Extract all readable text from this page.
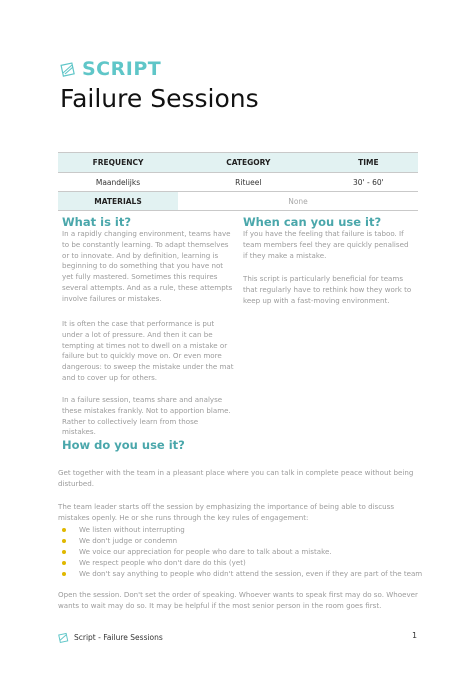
SCRIPT
Failure Sessions
FREQUENCY	CATEGORY	TIME
Maandelijks	Ritueel	30' - 60'
MATERIALS	None	
What is it?

In a rapidly changing environment, teams have to be constantly learning. To adapt themselves or to innovate. And by definition, learning is beginning to do something that you have not yet fully mastered. Sometimes this requires several attempts. And as a rule, these attempts involve failures or mistakes.

It is often the case that performance is put under a lot of pressure. And then it can be tempting at times not to dwell on a mistake or failure but to quickly move on. Or even more dangerous: to sweep the mistake under the mat and to cover up for others.

In a failure session, teams share and analyse these mistakes frankly. Not to apportion blame. Rather to collectively learn from those mistakes.

When can you use it?

If you have the feeling that failure is taboo. If team members feel they are quickly penalised if they make a mistake.

This script is particularly beneficial for teams that regularly have to rethink how they work to keep up with a fast-moving environment.

How do you use it?

Get together with the team in a pleasant place where you can talk in complete peace without being disturbed.

The team leader starts off the session by emphasizing the importance of being able to discuss mistakes openly. He or she runs through the key rules of engagement:

We listen without interrupting
We don't judge or condemn
We voice our appreciation for people who dare to talk about a mistake.
We respect people who don't dare do this (yet)
We don't say anything to people who didn't attend the session, even if they are part of the team

Open the session. Don't set the order of speaking. Whoever wants to speak first may do so. Whoever wants to wait may do so. It may be helpful if the most senior person in the room goes first.

Script - Failure Sessions	1
